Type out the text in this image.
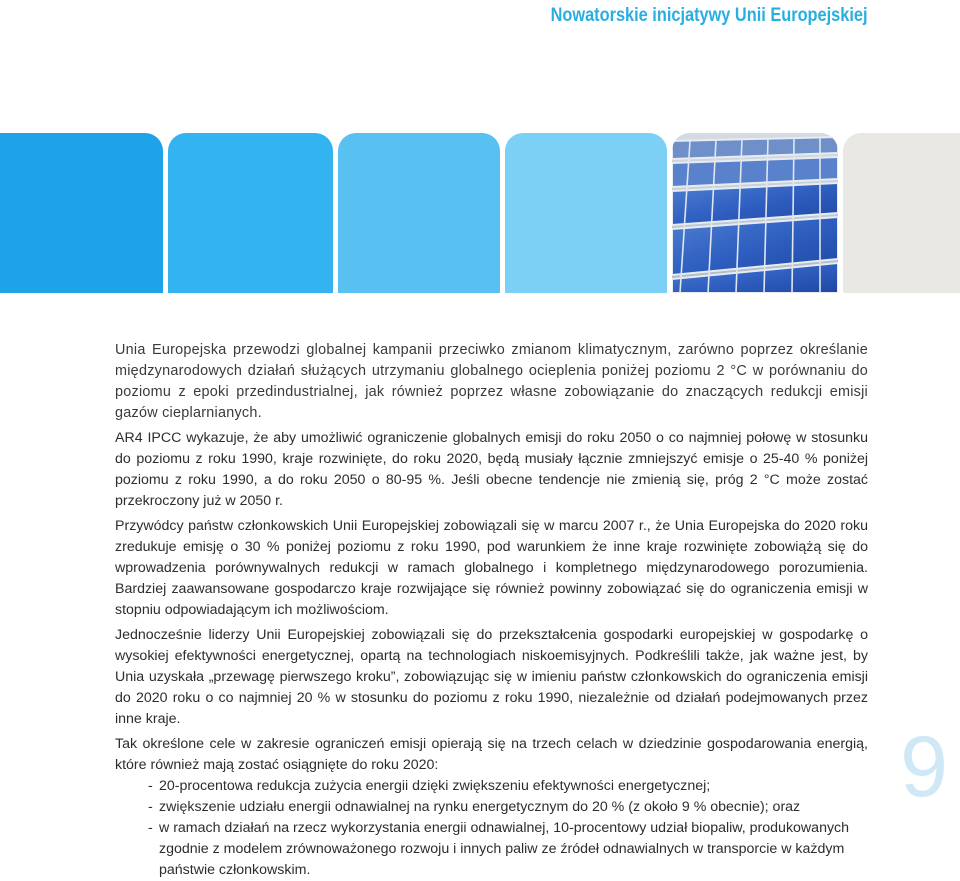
Nowatorskie inicjatywy Unii Europejskiej

Unia Europejska przewodzi globalnej kampanii przeciwko zmianom klimatycznym, zarówno poprzez określanie międzynarodowych działań służących utrzymaniu globalnego ocieplenia poniżej poziomu 2 °C w porównaniu do poziomu z epoki przedindustrialnej, jak również poprzez własne zobowiązanie do znaczących redukcji emisji gazów cieplarnianych.

AR4 IPCC wykazuje, że aby umożliwić ograniczenie globalnych emisji do roku 2050 o co najmniej połowę w stosunku do poziomu z roku 1990, kraje rozwinięte, do roku 2020, będą musiały łącznie zmniejszyć emisje o 25-40 % poniżej poziomu z roku 1990, a do roku 2050 o 80-95 %. Jeśli obecne tendencje nie zmienią się, próg 2 °C może zostać przekroczony już w 2050 r.

Przywódcy państw członkowskich Unii Europejskiej zobowiązali się w marcu 2007 r., że Unia Europejska do 2020 roku zredukuje emisję o 30 % poniżej poziomu z roku 1990, pod warunkiem że inne kraje rozwinięte zobowiążą się do wprowadzenia porównywalnych redukcji w ramach globalnego i kompletnego międzynarodowego porozumienia. Bardziej zaawansowane gospodarczo kraje rozwijające się również powinny zobowiązać się do ograniczenia emisji w stopniu odpowiadającym ich możliwościom.

Jednocześnie liderzy Unii Europejskiej zobowiązali się do przekształcenia gospodarki europejskiej w gospodarkę o wysokiej efektywności energetycznej, opartą na technologiach niskoemisyjnych. Podkreślili także, jak ważne jest, by Unia uzyskała „przewagę pierwszego kroku”, zobowiązując się w imieniu państw członkowskich do ograniczenia emisji do 2020 roku o co najmniej 20 % w stosunku do poziomu z roku 1990, niezależnie od działań podejmowanych przez inne kraje.

Tak określone cele w zakresie ograniczeń emisji opierają się na trzech celach w dziedzinie gospodarowania energią, które również mają zostać osiągnięte do roku 2020:

- 20-procentowa redukcja zużycia energii dzięki zwiększeniu efektywności energetycznej;
- zwiększenie udziału energii odnawialnej na rynku energetycznym do 20 % (z około 9 % obecnie); oraz
- w ramach działań na rzecz wykorzystania energii odnawialnej, 10-procentowy udział biopaliw, produkowanych zgodnie z modelem zrównoważonego rozwoju i innych paliw ze źródeł odnawialnych w transporcie w każdym państwie członkowskim.
9
